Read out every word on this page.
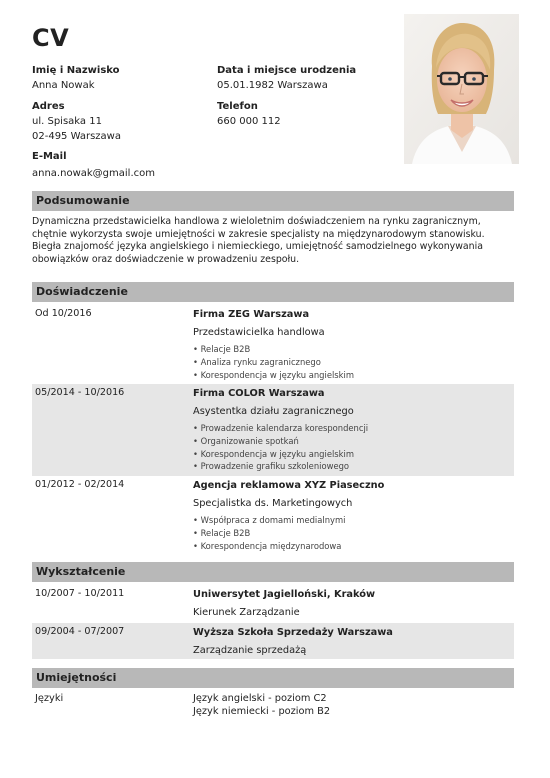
CV
Imię i Nazwisko
Anna Nowak
Data i miejsce urodzenia
05.01.1982 Warszawa
Adres
ul. Spisaka 11
02-495 Warszawa
Telefon
660 000 112
E-Mail
anna.nowak@gmail.com
Podsumowanie
Dynamiczna przedstawicielka handlowa z wieloletnim doświadczeniem na rynku zagranicznym, chętnie wykorzysta swoje umiejętności w zakresie specjalisty na międzynarodowym stanowisku. Biegła znajomość języka angielskiego i niemieckiego, umiejętność samodzielnego wykonywania obowiązków oraz doświadczenie w prowadzeniu zespołu.
Doświadczenie
Od 10/2016	Firma ZEG Warszawa
Przedstawicielka handlowa
• Relacje B2B
• Analiza rynku zagranicznego
• Korespondencja w języku angielskim
05/2014 - 10/2016	Firma COLOR Warszawa
Asystentka działu zagranicznego
• Prowadzenie kalendarza korespondencji
• Organizowanie spotkań
• Korespondencja w języku angielskim
• Prowadzenie grafiku szkoleniowego
01/2012 - 02/2014	Agencja reklamowa XYZ Piaseczno
Specjalistka ds. Marketingowych
• Współpraca z domami medialnymi
• Relacje B2B
• Korespondencja międzynarodowa
Wykształcenie
10/2007 - 10/2011	Uniwersytet Jagielloński, Kraków
Kierunek Zarządzanie
09/2004 - 07/2007	Wyższa Szkoła Sprzedaży Warszawa
Zarządzanie sprzedażą
Umiejętności
Języki	Język angielski - poziom C2
Język niemiecki - poziom B2
